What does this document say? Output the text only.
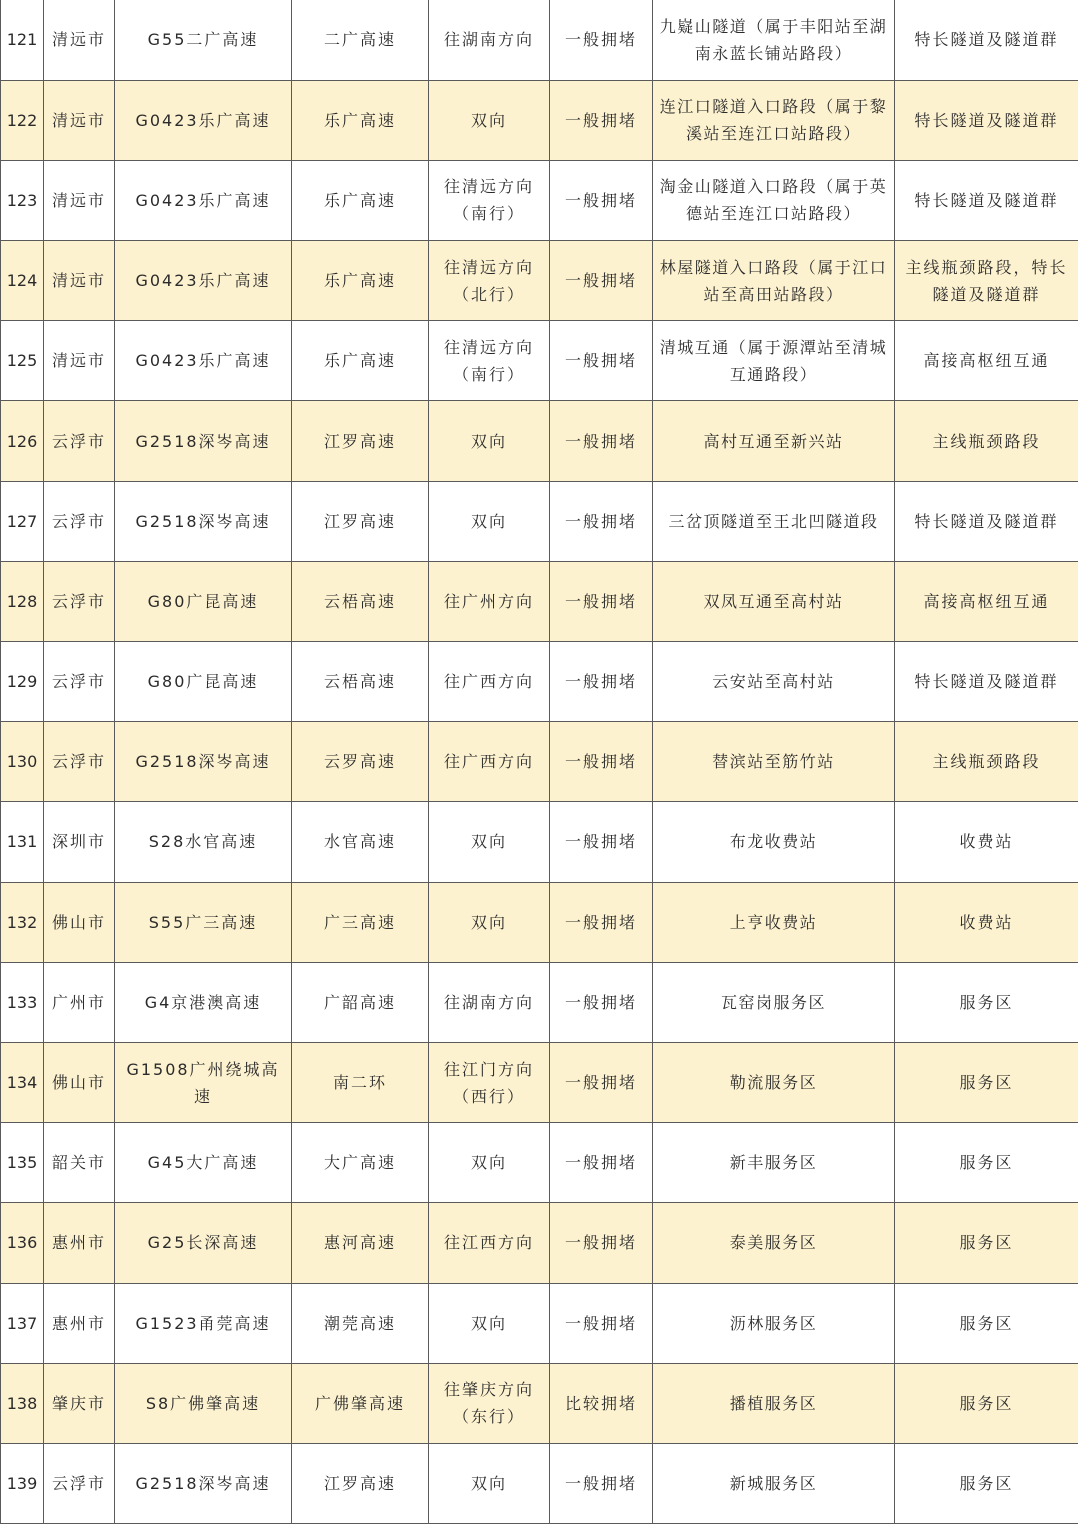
121	清远市	G55二广高速	二广高速	往湖南方向	一般拥堵	九嶷山隧道（属于丰阳站至湖南永蓝长铺站路段）	特长隧道及隧道群
122	清远市	G0423乐广高速	乐广高速	双向	一般拥堵	连江口隧道入口路段（属于黎溪站至连江口站路段）	特长隧道及隧道群
123	清远市	G0423乐广高速	乐广高速	往清远方向（南行）	一般拥堵	淘金山隧道入口路段（属于英德站至连江口站路段）	特长隧道及隧道群
124	清远市	G0423乐广高速	乐广高速	往清远方向（北行）	一般拥堵	林屋隧道入口路段（属于江口站至高田站路段）	主线瓶颈路段，特长隧道及隧道群
125	清远市	G0423乐广高速	乐广高速	往清远方向（南行）	一般拥堵	清城互通（属于源潭站至清城互通路段）	高接高枢纽互通
126	云浮市	G2518深岑高速	江罗高速	双向	一般拥堵	高村互通至新兴站	主线瓶颈路段
127	云浮市	G2518深岑高速	江罗高速	双向	一般拥堵	三岔顶隧道至王北凹隧道段	特长隧道及隧道群
128	云浮市	G80广昆高速	云梧高速	往广州方向	一般拥堵	双凤互通至高村站	高接高枢纽互通
129	云浮市	G80广昆高速	云梧高速	往广西方向	一般拥堵	云安站至高村站	特长隧道及隧道群
130	云浮市	G2518深岑高速	云罗高速	往广西方向	一般拥堵	替滨站至筋竹站	主线瓶颈路段
131	深圳市	S28水官高速	水官高速	双向	一般拥堵	布龙收费站	收费站
132	佛山市	S55广三高速	广三高速	双向	一般拥堵	上亨收费站	收费站
133	广州市	G4京港澳高速	广韶高速	往湖南方向	一般拥堵	瓦窑岗服务区	服务区
134	佛山市	G1508广州绕城高速	南二环	往江门方向（西行）	一般拥堵	勒流服务区	服务区
135	韶关市	G45大广高速	大广高速	双向	一般拥堵	新丰服务区	服务区
136	惠州市	G25长深高速	惠河高速	往江西方向	一般拥堵	泰美服务区	服务区
137	惠州市	G1523甬莞高速	潮莞高速	双向	一般拥堵	沥林服务区	服务区
138	肇庆市	S8广佛肇高速	广佛肇高速	往肇庆方向（东行）	比较拥堵	播植服务区	服务区
139	云浮市	G2518深岑高速	江罗高速	双向	一般拥堵	新城服务区	服务区
